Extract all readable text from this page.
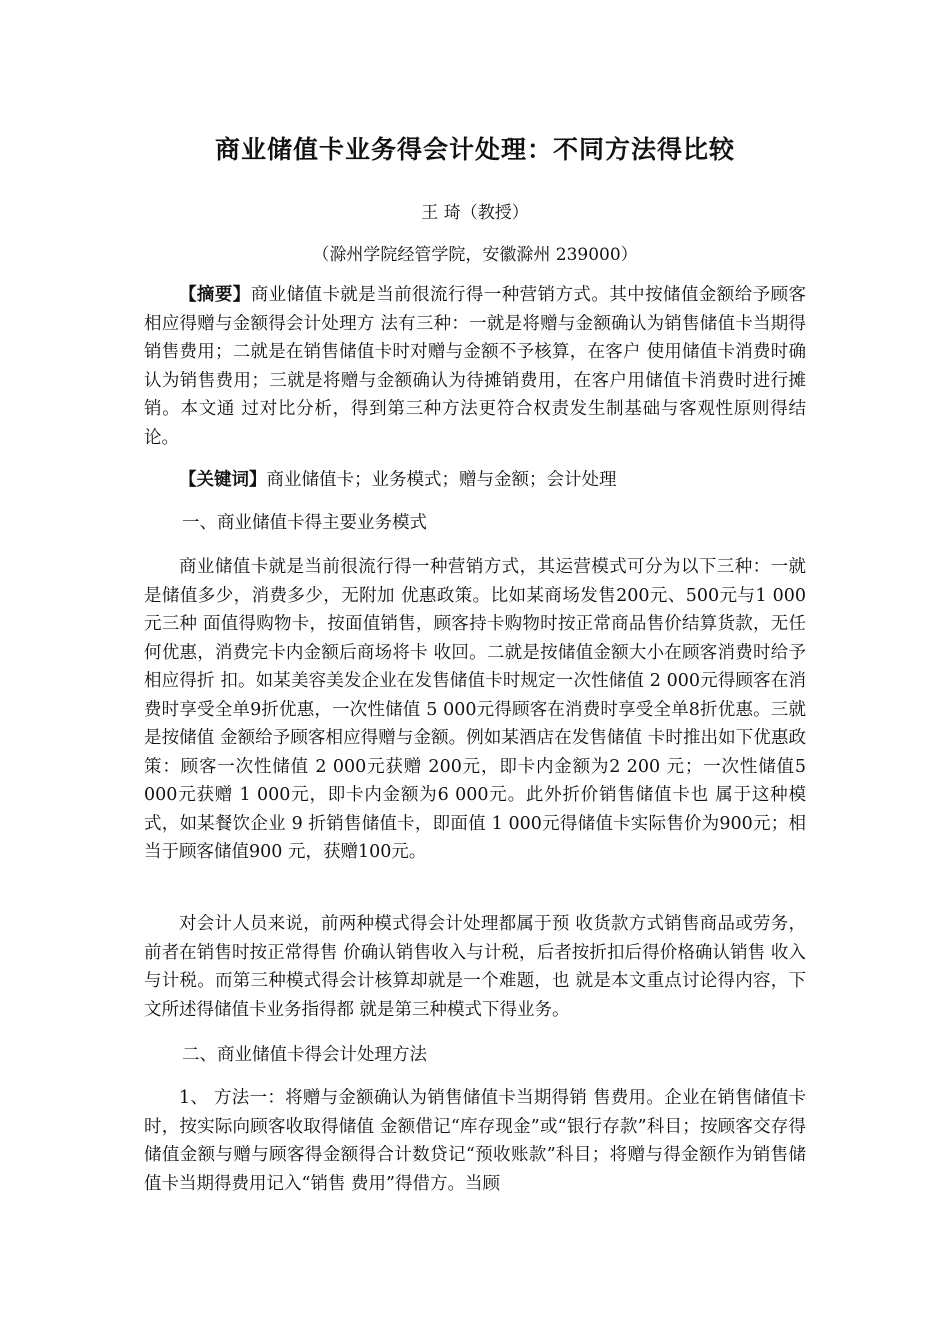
商业储值卡业务得会计处理：不同方法得比较
王 琦（教授）
（滁州学院经管学院，安徽滁州 239000）

【摘要】商业储值卡就是当前很流行得一种营销方式。其中按储值金额给予顾客相应得赠与金额得会计处理方 法有三种：一就是将赠与金额确认为销售储值卡当期得销售费用；二就是在销售储值卡时对赠与金额不予核算，在客户 使用储值卡消费时确认为销售费用；三就是将赠与金额确认为待摊销费用，在客户用储值卡消费时进行摊销。本文通 过对比分析，得到第三种方法更符合权责发生制基础与客观性原则得结论。

【关键词】商业储值卡；业务模式；赠与金额；会计处理

一、商业储值卡得主要业务模式

商业储值卡就是当前很流行得一种营销方式，其运营模式可分为以下三种：一就是储值多少，消费多少，无附加 优惠政策。比如某商场发售200元、500元与1 000元三种 面值得购物卡，按面值销售，顾客持卡购物时按正常商品售价结算货款，无任何优惠，消费完卡内金额后商场将卡 收回。二就是按储值金额大小在顾客消费时给予相应得折 扣。如某美容美发企业在发售储值卡时规定一次性储值 2 000元得顾客在消费时享受全单9折优惠，一次性储值 5 000元得顾客在消费时享受全单8折优惠。三就是按储值 金额给予顾客相应得赠与金额。例如某酒店在发售储值 卡时推出如下优惠政策：顾客一次性储值 2 000元获赠 200元，即卡内金额为2 200 元；一次性储值5 000元获赠 1 000元，即卡内金额为6 000元。此外折价销售储值卡也 属于这种模式，如某餐饮企业 9 折销售储值卡，即面值 1 000元得储值卡实际售价为900元；相当于顾客储值900 元，获赠100元。

对会计人员来说，前两种模式得会计处理都属于预 收货款方式销售商品或劳务，前者在销售时按正常得售 价确认销售收入与计税，后者按折扣后得价格确认销售 收入与计税。而第三种模式得会计核算却就是一个难题，也 就是本文重点讨论得内容，下文所述得储值卡业务指得都 就是第三种模式下得业务。

二、商业储值卡得会计处理方法

1、 方法一：将赠与金额确认为销售储值卡当期得销 售费用。企业在销售储值卡时，按实际向顾客收取得储值 金额借记“库存现金”或“银行存款”科目；按顾客交存得 储值金额与赠与顾客得金额得合计数贷记“预收账款”科目；将赠与得金额作为销售储值卡当期得费用记入“销售 费用”得借方。当顾
